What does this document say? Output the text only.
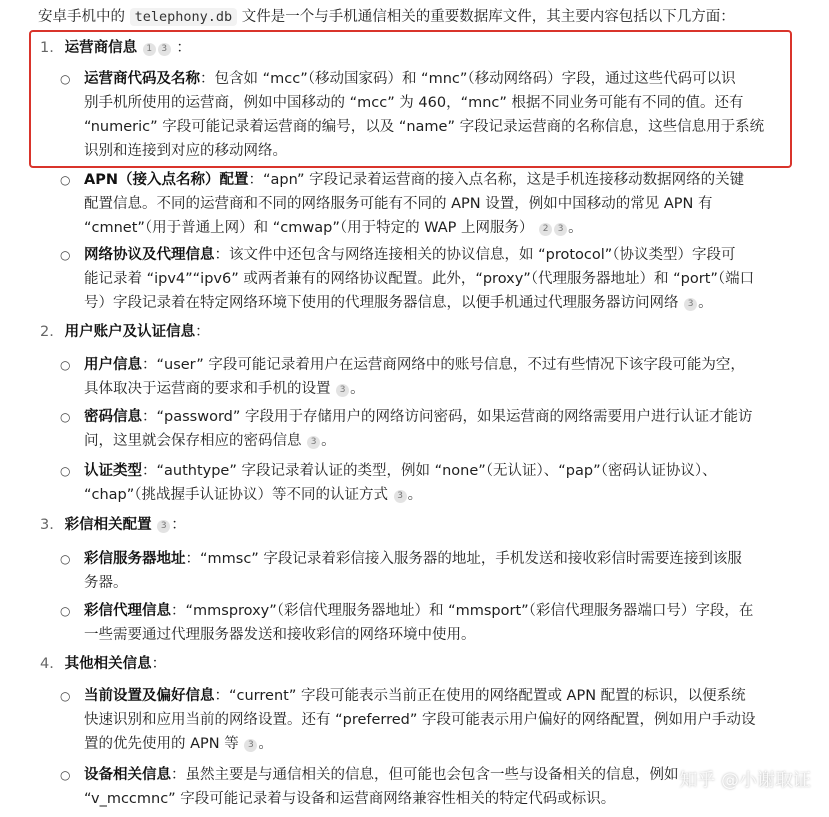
安卓手机中的 telephony.db 文件是一个与手机通信相关的重要数据库文件，其主要内容包括以下几方面：
1. 运营商信息 1 3 ：
○ 运营商代码及名称：包含如 “mcc”（移动国家码）和 “mnc”（移动网络码）字段，通过这些代码可以识
别手机所使用的运营商，例如中国移动的 “mcc” 为 460，“mnc” 根据不同业务可能有不同的值。还有
“numeric” 字段可能记录着运营商的编号，以及 “name” 字段记录运营商的名称信息，这些信息用于系统
识别和连接到对应的移动网络。
○ APN（接入点名称）配置：“apn” 字段记录着运营商的接入点名称，这是手机连接移动数据网络的关键
配置信息。不同的运营商和不同的网络服务可能有不同的 APN 设置，例如中国移动的常见 APN 有
“cmnet”（用于普通上网）和 “cmwap”（用于特定的 WAP 上网服务） 2 3 。
○ 网络协议及代理信息：该文件中还包含与网络连接相关的协议信息，如 “protocol”（协议类型）字段可
能记录着 “ipv4”“ipv6” 或两者兼有的网络协议配置。此外，“proxy”（代理服务器地址）和 “port”（端口
号）字段记录着在特定网络环境下使用的代理服务器信息，以便手机通过代理服务器访问网络 3 。
2. 用户账户及认证信息：
○ 用户信息：“user” 字段可能记录着用户在运营商网络中的账号信息，不过有些情况下该字段可能为空，
具体取决于运营商的要求和手机的设置 3 。
○ 密码信息：“password” 字段用于存储用户的网络访问密码，如果运营商的网络需要用户进行认证才能访
问，这里就会保存相应的密码信息 3 。
○ 认证类型：“authtype” 字段记录着认证的类型，例如 “none”（无认证）、“pap”（密码认证协议）、
“chap”（挑战握手认证协议）等不同的认证方式 3 。
3. 彩信相关配置 3 ：
○ 彩信服务器地址：“mmsc” 字段记录着彩信接入服务器的地址，手机发送和接收彩信时需要连接到该服
务器。
○ 彩信代理信息：“mmsproxy”（彩信代理服务器地址）和 “mmsport”（彩信代理服务器端口号）字段，在
一些需要通过代理服务器发送和接收彩信的网络环境中使用。
4. 其他相关信息：
○ 当前设置及偏好信息：“current” 字段可能表示当前正在使用的网络配置或 APN 配置的标识，以便系统
快速识别和应用当前的网络设置。还有 “preferred” 字段可能表示用户偏好的网络配置，例如用户手动设
置的优先使用的 APN 等 3 。
○ 设备相关信息：虽然主要是与通信相关的信息，但可能也会包含一些与设备相关的信息，例如
“v_mccmnc” 字段可能记录着与设备和运营商网络兼容性相关的特定代码或标识。
知乎 @小谢取证
